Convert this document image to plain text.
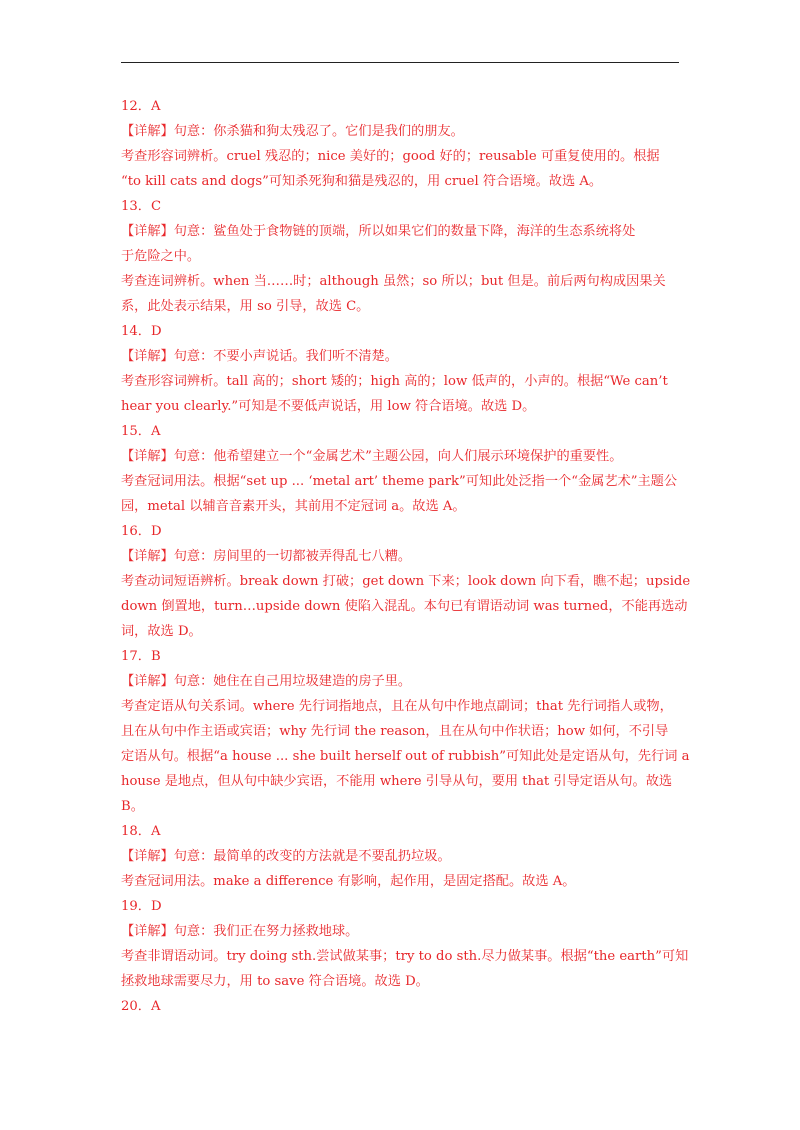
12．A
【详解】句意：你杀猫和狗太残忍了。它们是我们的朋友。
考查形容词辨析。cruel 残忍的；nice 美好的；good 好的；reusable 可重复使用的。根据
“to kill cats and dogs”可知杀死狗和猫是残忍的，用 cruel 符合语境。故选 A。
13．C
【详解】句意：鲨鱼处于食物链的顶端，所以如果它们的数量下降，海洋的生态系统将处
于危险之中。
考查连词辨析。when 当……时；although 虽然；so 所以；but 但是。前后两句构成因果关
系，此处表示结果，用 so 引导，故选 C。
14．D
【详解】句意：不要小声说话。我们听不清楚。
考查形容词辨析。tall 高的；short 矮的；high 高的；low 低声的，小声的。根据“We can’t
hear you clearly.”可知是不要低声说话，用 low 符合语境。故选 D。
15．A
【详解】句意：他希望建立一个“金属艺术”主题公园，向人们展示环境保护的重要性。
考查冠词用法。根据“set up ... ‘metal art’ theme park”可知此处泛指一个“金属艺术”主题公
园，metal 以辅音音素开头，其前用不定冠词 a。故选 A。
16．D
【详解】句意：房间里的一切都被弄得乱七八糟。
考查动词短语辨析。break down 打破；get down 下来；look down 向下看，瞧不起；upside
down 倒置地，turn…upside down 使陷入混乱。本句已有谓语动词 was turned，不能再选动
词，故选 D。
17．B
【详解】句意：她住在自己用垃圾建造的房子里。
考查定语从句关系词。where 先行词指地点，且在从句中作地点副词；that 先行词指人或物，
且在从句中作主语或宾语；why 先行词 the reason，且在从句中作状语；how 如何，不引导
定语从句。根据“a house ... she built herself out of rubbish”可知此处是定语从句，先行词 a
house 是地点，但从句中缺少宾语，不能用 where 引导从句，要用 that 引导定语从句。故选
B。
18．A
【详解】句意：最简单的改变的方法就是不要乱扔垃圾。
考查冠词用法。make a difference 有影响，起作用，是固定搭配。故选 A。
19．D
【详解】句意：我们正在努力拯救地球。
考查非谓语动词。try doing sth.尝试做某事；try to do sth.尽力做某事。根据“the earth”可知
拯救地球需要尽力，用 to save 符合语境。故选 D。
20．A
